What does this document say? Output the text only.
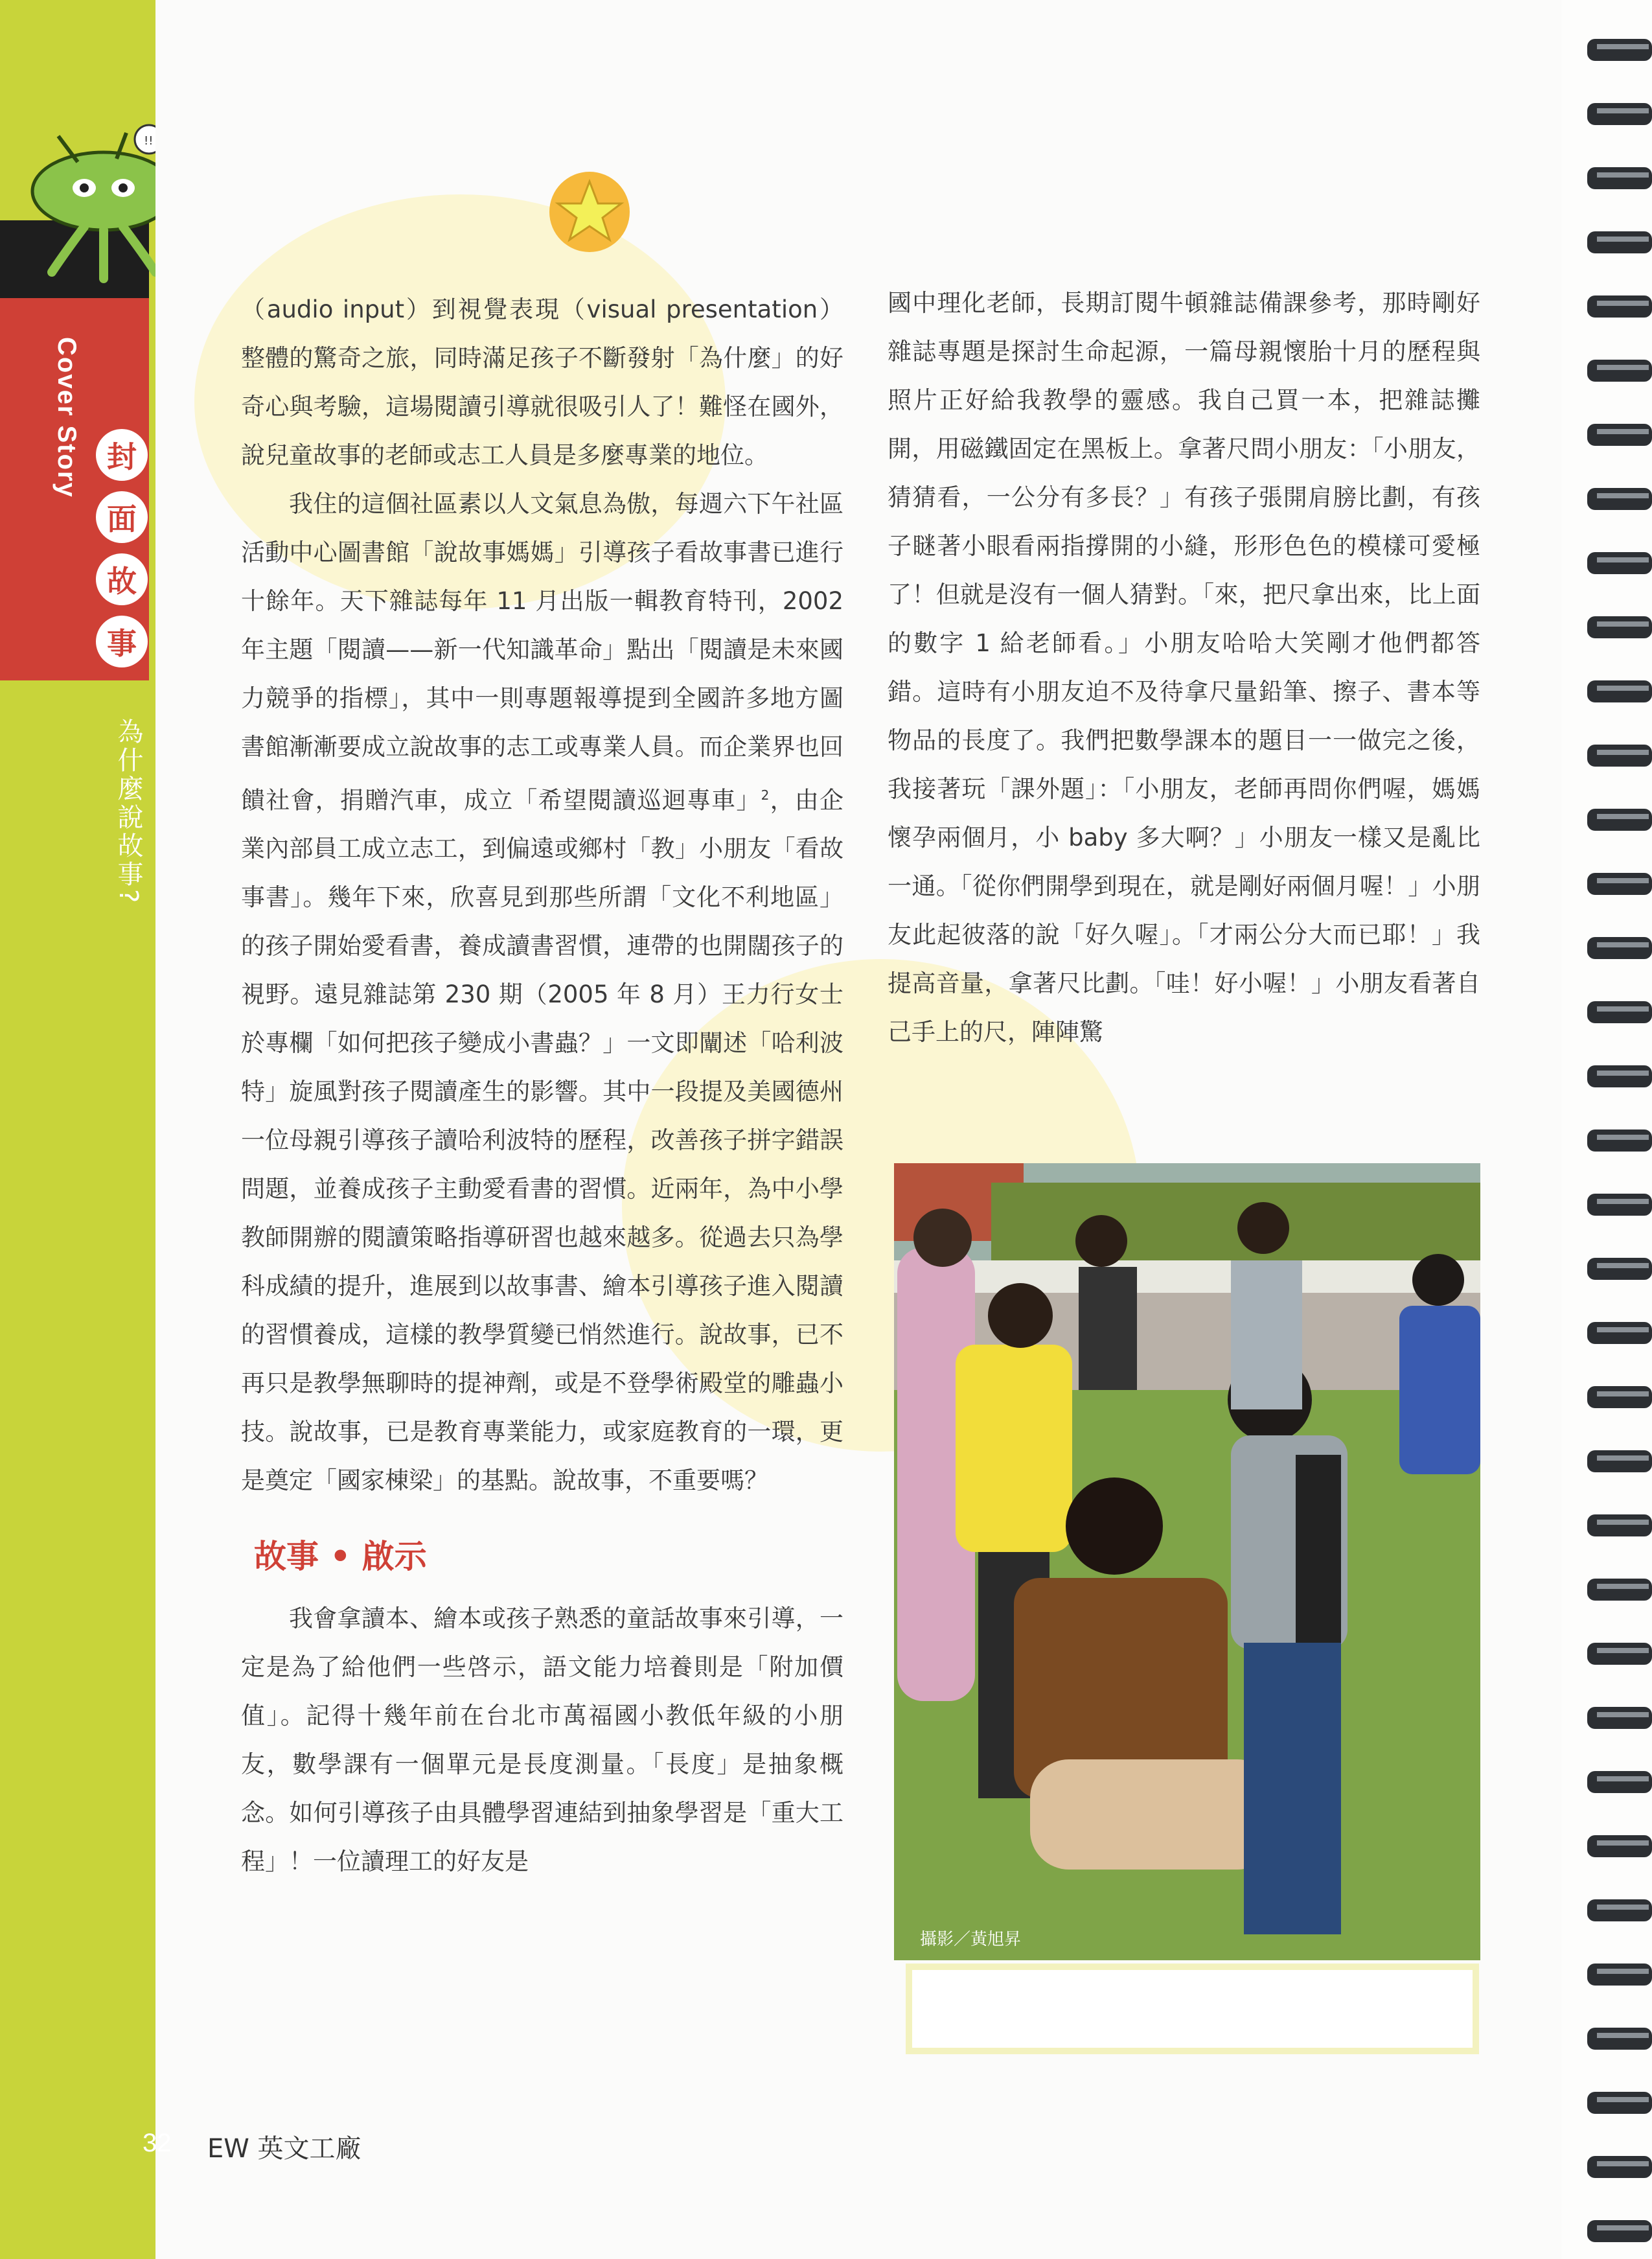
!!
Cover Story 封
面
故
事
為什麼說故事?

（audio input）到視覺表現（visual presentation）整體的驚奇之旅，同時滿足孩子不斷發射「為什麼」的好奇心與考驗，這場閱讀引導就很吸引人了！難怪在國外，說兒童故事的老師或志工人員是多麼專業的地位。

我住的這個社區素以人文氣息為傲，每週六下午社區活動中心圖書館「說故事媽媽」引導孩子看故事書已進行十餘年。天下雜誌每年 11 月出版一輯教育特刊，2002 年主題「閱讀——新一代知識革命」點出「閱讀是未來國力競爭的指標」，其中一則專題報導提到全國許多地方圖書館漸漸要成立說故事的志工或專業人員。而企業界也回饋社會，捐贈汽車，成立「希望閱讀巡迴專車」$^2$，由企業內部員工成立志工，到偏遠或鄉村「教」小朋友「看故事書」。幾年下來，欣喜見到那些所謂「文化不利地區」的孩子開始愛看書，養成讀書習慣，連帶的也開闊孩子的視野。遠見雜誌第 230 期（2005 年 8 月）王力行女士於專欄「如何把孩子變成小書蟲？」一文即闡述「哈利波特」旋風對孩子閱讀產生的影響。其中一段提及美國德州一位母親引導孩子讀哈利波特的歷程，改善孩子拼字錯誤問題，並養成孩子主動愛看書的習慣。近兩年，為中小學教師開辦的閱讀策略指導研習也越來越多。從過去只為學科成績的提升，進展到以故事書、繪本引導孩子進入閱讀的習慣養成，這樣的教學質變已悄然進行。說故事，已不再只是教學無聊時的提神劑，或是不登學術殿堂的雕蟲小技。說故事，已是教育專業能力，或家庭教育的一環，更是奠定「國家棟梁」的基點。說故事，不重要嗎？

故事 • 啟示

我會拿讀本、繪本或孩子熟悉的童話故事來引導，一定是為了給他們一些啓示，語文能力培養則是「附加價值」。記得十幾年前在台北市萬福國小教低年級的小朋友，數學課有一個單元是長度測量。「長度」是抽象概念。如何引導孩子由具體學習連結到抽象學習是「重大工程」！一位讀理工的好友是

國中理化老師，長期訂閱牛頓雜誌備課參考，那時剛好雜誌專題是探討生命起源，一篇母親懷胎十月的歷程與照片正好給我教學的靈感。我自己買一本，把雜誌攤開，用磁鐵固定在黑板上。拿著尺問小朋友：「小朋友，猜猜看，一公分有多長？」有孩子張開肩膀比劃，有孩子瞇著小眼看兩指撐開的小縫，形形色色的模樣可愛極了！但就是沒有一個人猜對。「來，把尺拿出來，比上面的數字 1 給老師看。」小朋友哈哈大笑剛才他們都答錯。這時有小朋友迫不及待拿尺量鉛筆、擦子、書本等物品的長度了。我們把數學課本的題目一一做完之後，我接著玩「課外題」：「小朋友，老師再問你們喔，媽媽懷孕兩個月，小 baby 多大啊？」小朋友一樣又是亂比一通。「從你們開學到現在，就是剛好兩個月喔！」小朋友此起彼落的說「好久喔」。「才兩公分大而已耶！」我提高音量，拿著尺比劃。「哇！好小喔！」小朋友看著自己手上的尺，陣陣驚

攝影／黃旭昇
32 EW 英文工廠
